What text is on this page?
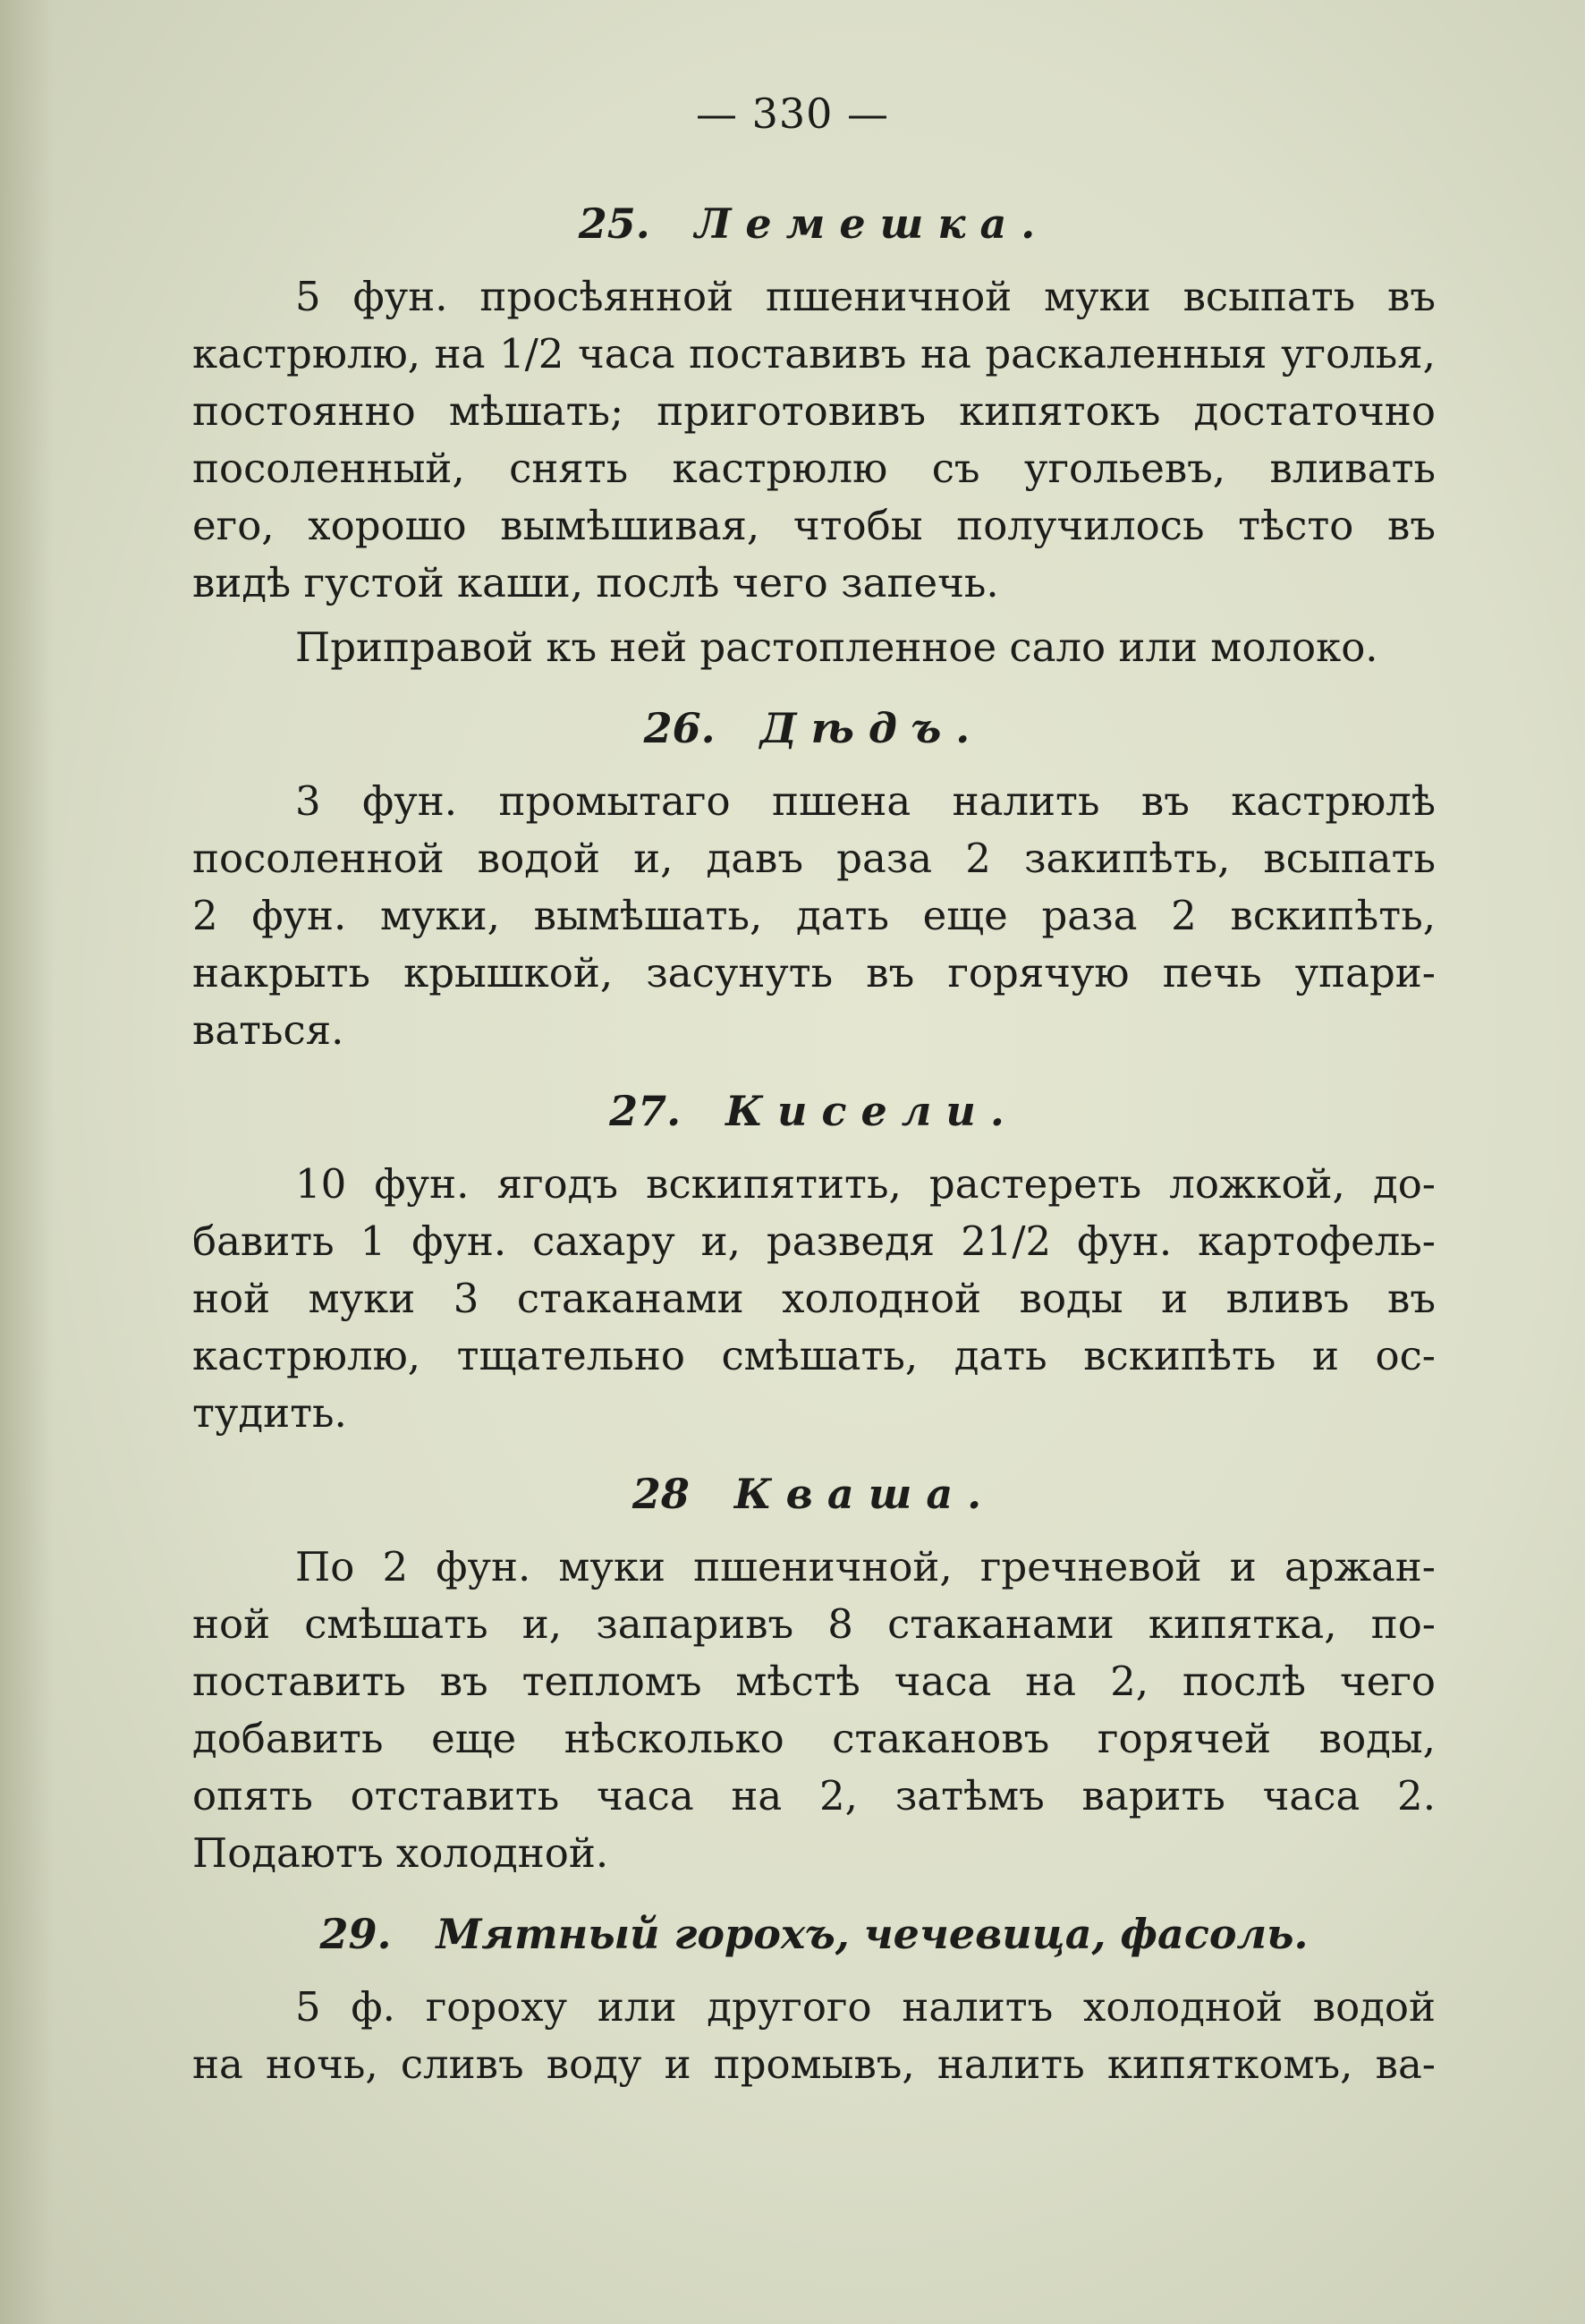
— 330 —
25. Лемешка.

5 фун. просѣянной пшеничной муки всыпать въ
кастрюлю, на 1/2 часа поставивъ на раскаленныя уголья,
постоянно мѣшать; приготовивъ кипятокъ достаточно
посоленный, снять кастрюлю съ угольевъ, вливать
его, хорошо вымѣшивая, чтобы получилось тѣсто въ
видѣ густой каши, послѣ чего запечь.

Приправой къ ней растопленное сало или молоко.

26. Дѣдъ.

3 фун. промытаго пшена налить въ кастрюлѣ
посоленной водой и, давъ раза 2 закипѣть, всыпать
2 фун. муки, вымѣшать, дать еще раза 2 вскипѣть,
накрыть крышкой, засунуть въ горячую печь упари-
ваться.

27. Кисели.

10 фун. ягодъ вскипятить, растереть ложкой, до-
бавить 1 фун. сахару и, разведя 21/2 фун. картофель-
ной муки 3 стаканами холодной воды и вливъ въ
кастрюлю, тщательно смѣшать, дать вскипѣть и ос-
тудить.

28 Кваша.

По 2 фун. муки пшеничной, гречневой и аржан-
ной смѣшать и, запаривъ 8 стаканами кипятка, по-
поставить въ тепломъ мѣстѣ часа на 2, послѣ чего
добавить еще нѣсколько стакановъ горячей воды,
опять отставить часа на 2, затѣмъ варить часа 2.
Подаютъ холодной.

29. Мятный горохъ, чечевица, фасоль.

5 ф. гороху или другого налитъ холодной водой
на ночь, сливъ воду и промывъ, налить кипяткомъ, ва-
